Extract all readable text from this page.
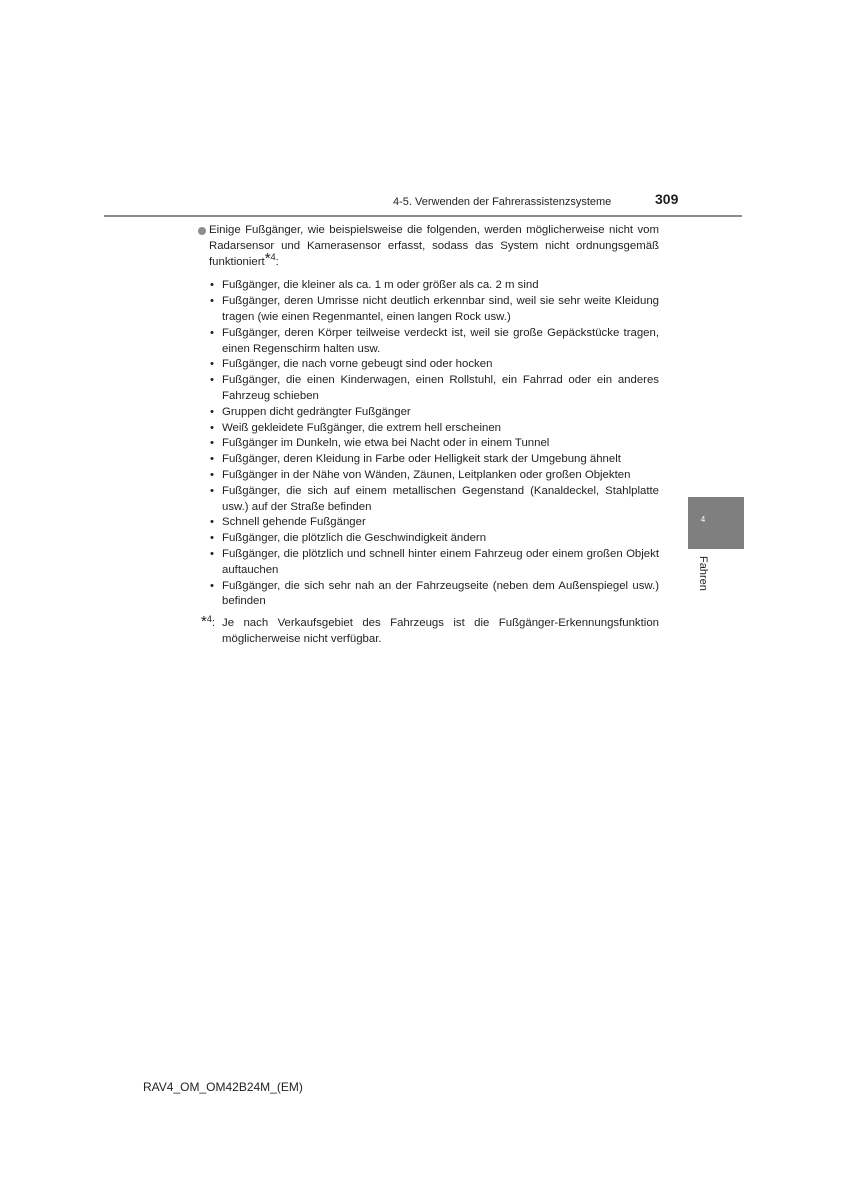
4-5. Verwenden der Fahrerassistenzsysteme	309
Einige Fußgänger, wie beispielsweise die folgenden, werden möglicherweise nicht vom Radarsensor und Kamerasensor erfasst, sodass das System nicht ordnungsgemäß funktioniert*$^4$:
• Fußgänger, die kleiner als ca. 1 m oder größer als ca. 2 m sind
• Fußgänger, deren Umrisse nicht deutlich erkennbar sind, weil sie sehr weite Kleidung tragen (wie einen Regenmantel, einen langen Rock usw.)
• Fußgänger, deren Körper teilweise verdeckt ist, weil sie große Gepäckstücke tragen, einen Regenschirm halten usw.
• Fußgänger, die nach vorne gebeugt sind oder hocken
• Fußgänger, die einen Kinderwagen, einen Rollstuhl, ein Fahrrad oder ein anderes Fahrzeug schieben
• Gruppen dicht gedrängter Fußgänger
• Weiß gekleidete Fußgänger, die extrem hell erscheinen
• Fußgänger im Dunkeln, wie etwa bei Nacht oder in einem Tunnel
• Fußgänger, deren Kleidung in Farbe oder Helligkeit stark der Umgebung ähnelt
• Fußgänger in der Nähe von Wänden, Zäunen, Leitplanken oder großen Objekten
• Fußgänger, die sich auf einem metallischen Gegenstand (Kanaldeckel, Stahlplatte usw.) auf der Straße befinden
• Schnell gehende Fußgänger
• Fußgänger, die plötzlich die Geschwindigkeit ändern
• Fußgänger, die plötzlich und schnell hinter einem Fahrzeug oder einem großen Objekt auftauchen
• Fußgänger, die sich sehr nah an der Fahrzeugseite (neben dem Außenspiegel usw.) befinden
*$^4$: Je nach Verkaufsgebiet des Fahrzeugs ist die Fußgänger-Erkennungsfunktion möglicherweise nicht verfügbar.
4
Fahren
RAV4_OM_OM42B24M_(EM)
